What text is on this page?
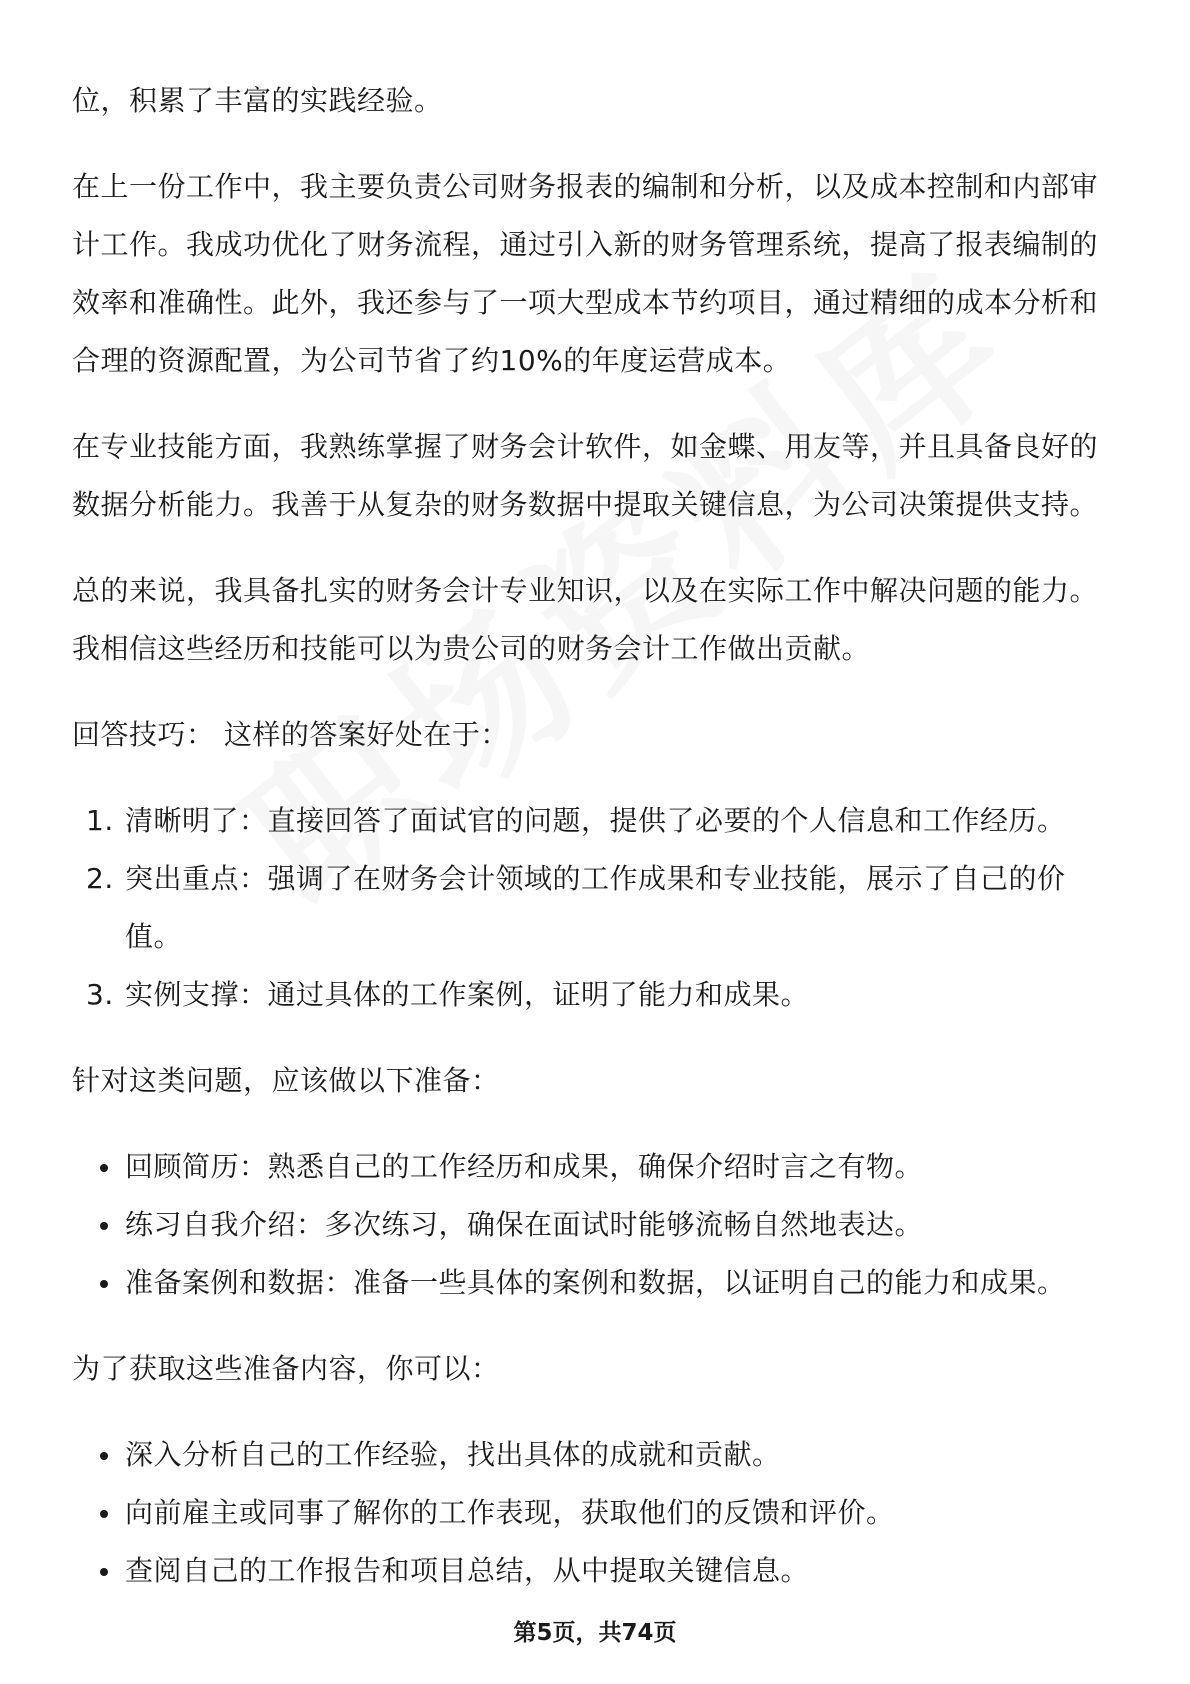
位，积累了丰富的实践经验。

在上一份工作中，我主要负责公司财务报表的编制和分析，以及成本控制和内部审计工作。我成功优化了财务流程，通过引入新的财务管理系统，提高了报表编制的效率和准确性。此外，我还参与了一项大型成本节约项目，通过精细的成本分析和合理的资源配置，为公司节省了约10%的年度运营成本。

在专业技能方面，我熟练掌握了财务会计软件，如金蝶、用友等，并且具备良好的数据分析能力。我善于从复杂的财务数据中提取关键信息，为公司决策提供支持。

总的来说，我具备扎实的财务会计专业知识，以及在实际工作中解决问题的能力。我相信这些经历和技能可以为贵公司的财务会计工作做出贡献。

回答技巧： 这样的答案好处在于：

1. 清晰明了：直接回答了面试官的问题，提供了必要的个人信息和工作经历。
2. 突出重点：强调了在财务会计领域的工作成果和专业技能，展示了自己的价值。
3. 实例支撑：通过具体的工作案例，证明了能力和成果。

针对这类问题，应该做以下准备：

回顾简历：熟悉自己的工作经历和成果，确保介绍时言之有物。
练习自我介绍：多次练习，确保在面试时能够流畅自然地表达。
准备案例和数据：准备一些具体的案例和数据，以证明自己的能力和成果。

为了获取这些准备内容，你可以：

深入分析自己的工作经验，找出具体的成就和贡献。
向前雇主或同事了解你的工作表现，获取他们的反馈和评价。
查阅自己的工作报告和项目总结，从中提取关键信息。
第5页，共74页
